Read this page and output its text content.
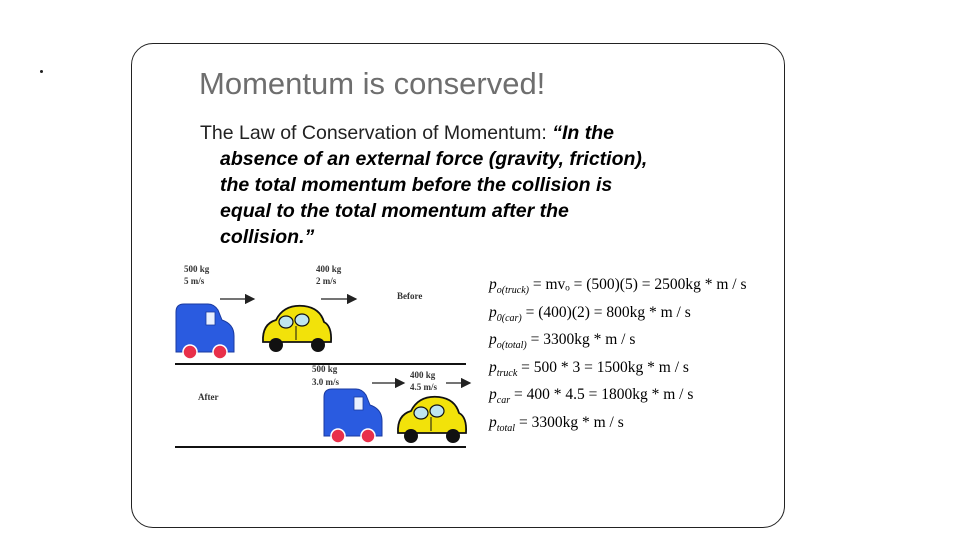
Momentum is conserved!
The Law of Conservation of Momentum: “In the
absence of an external force (gravity, friction),
the total momentum before the collision is
equal to the total momentum after the
collision.”
500 kg
5 m/s
400 kg
2 m/s
Before
After
500 kg
3.0 m/s
400 kg
4.5 m/s
$p_{o(truck)} = mv_o = (500)(5) = 2500kg * m / s$
$p_{0(car)} = (400)(2) = 800kg * m / s$
$p_{o(total)} = 3300kg * m / s$
$p_{truck} = 500 * 3 = 1500kg * m / s$
$p_{car} = 400 * 4.5 = 1800kg * m / s$
$p_{total} = 3300kg * m / s$
